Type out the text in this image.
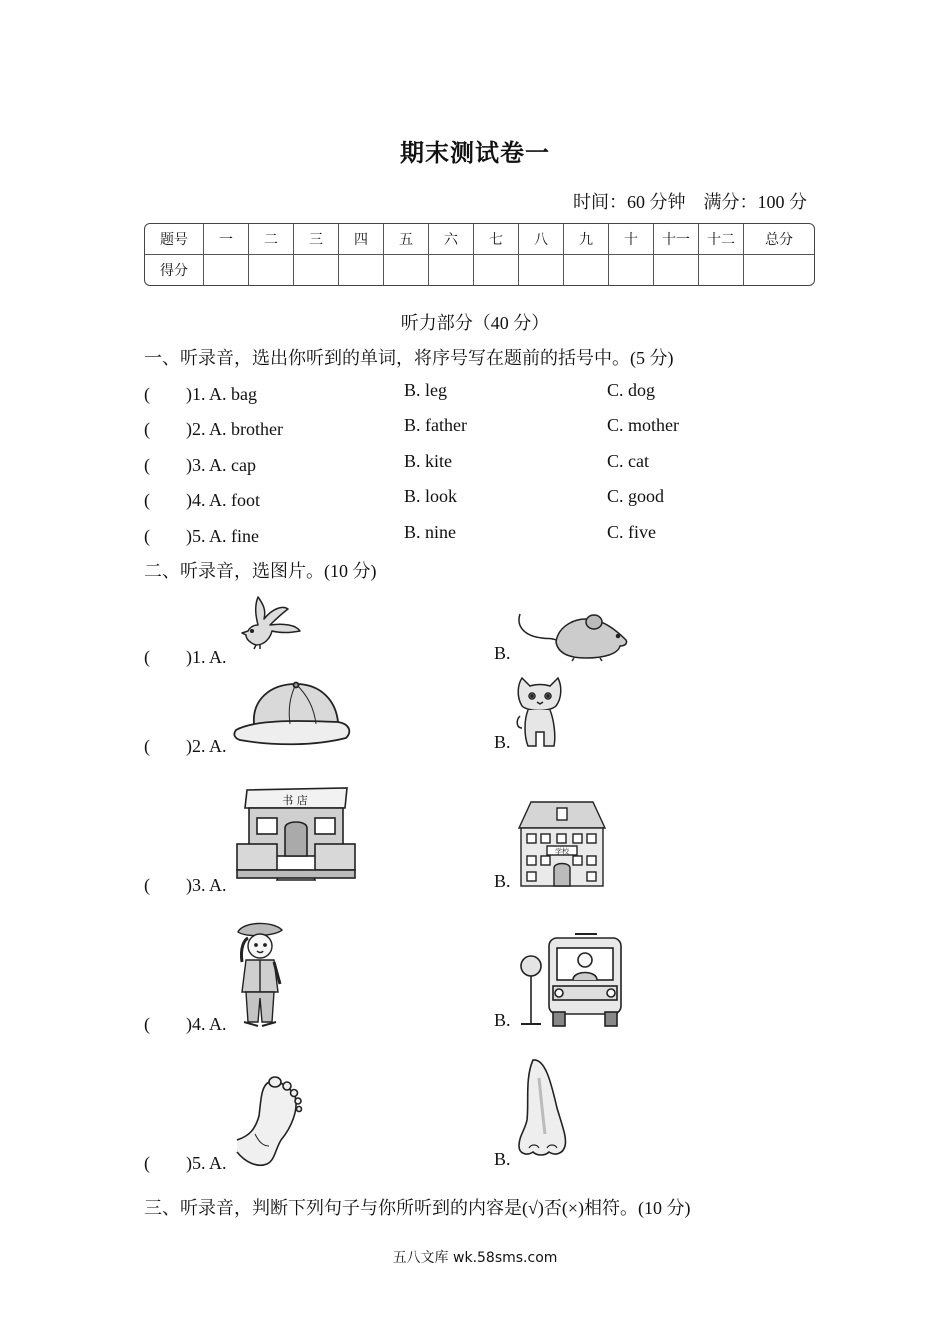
期末测试卷一
时间：60 分钟　满分：100 分
题号	一	二	三	四	五	六	七	八	九	十	十一	十二	总分
得分													
听力部分（40 分）
一、听录音，选出你听到的单词，将序号写在题前的括号中。(5 分)
(　　)1. A. bag	B. leg	C. dog
(　　)2. A. brother	B. father	C. mother
(　　)3. A. cap	B. kite	C. cat
(　　)4. A. foot	B. look	C. good
(　　)5. A. fine	B. nine	C. five
二、听录音，选图片。(10 分)
(　　)1. A.	B.
(　　)2. A.	B.
(　　)3. A.	B.
书 店
学校
(　　)4. A.	B.
(　　)5. A.	B.
三、听录音，判断下列句子与你所听到的内容是(√)否(×)相符。(10 分)
五八文库 wk.58sms.com
